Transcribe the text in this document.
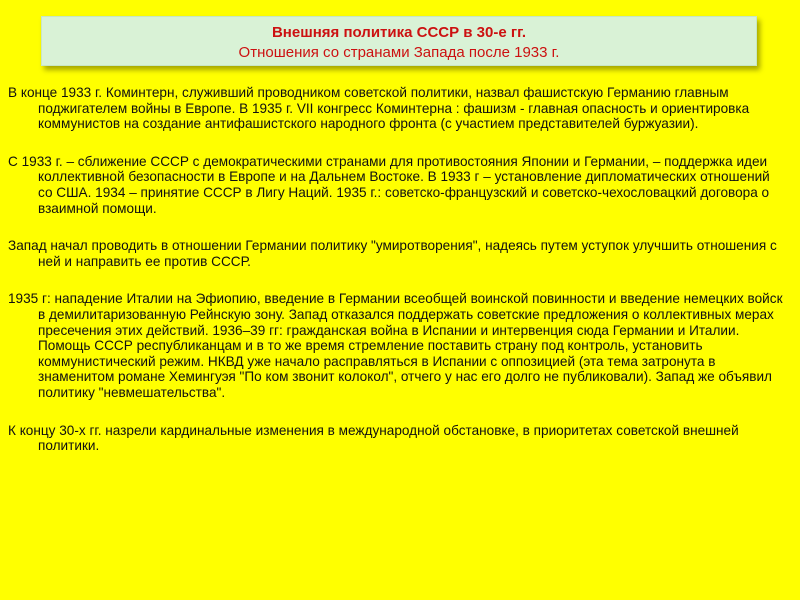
Внешняя политика СССР в 30-е гг.
Отношения со странами Запада после 1933 г.

В конце 1933 г. Коминтерн, служивший проводником советской политики, назвал фашистскую Германию главным поджигателем войны в Европе. В 1935 г. VII конгресс Коминтерна : фашизм - главная опасность и ориентировка коммунистов на создание антифашистского народного фронта (с участием представителей буржуазии).

С 1933 г. – сближение СССР с демократическими странами для противостояния Японии и Германии, – поддержка идеи коллективной безопасности в Европе и на Дальнем Востоке. В 1933 г – установление дипломатических отношений со США. 1934 – принятие СССР в Лигу Наций. 1935 г.: советско-французский и советско-чехословацкий договора о взаимной помощи.

Запад начал проводить в отношении Германии политику "умиротворения", надеясь путем уступок улучшить отношения с ней и направить ее против СССР.

1935 г: нападение Италии на Эфиопию, введение в Германии всеобщей воинской повинности и введение немецких войск в демилитаризованную Рейнскую зону. Запад отказался поддержать советские предложения о коллективных мерах пресечения этих действий. 1936–39 гг: гражданская война в Испании и интервенция сюда Германии и Италии. Помощь СССР республиканцам и в то же время стремление поставить страну под контроль, установить коммунистический режим. НКВД уже начало расправляться в Испании с оппозицией (эта тема затронута в знаменитом романе Хемингуэя "По ком звонит колокол", отчего у нас его долго не публиковали). Запад же объявил политику "невмешательства".

К концу 30-х гг. назрели кардинальные изменения в международной обстановке, в приоритетах советской внешней политики.
